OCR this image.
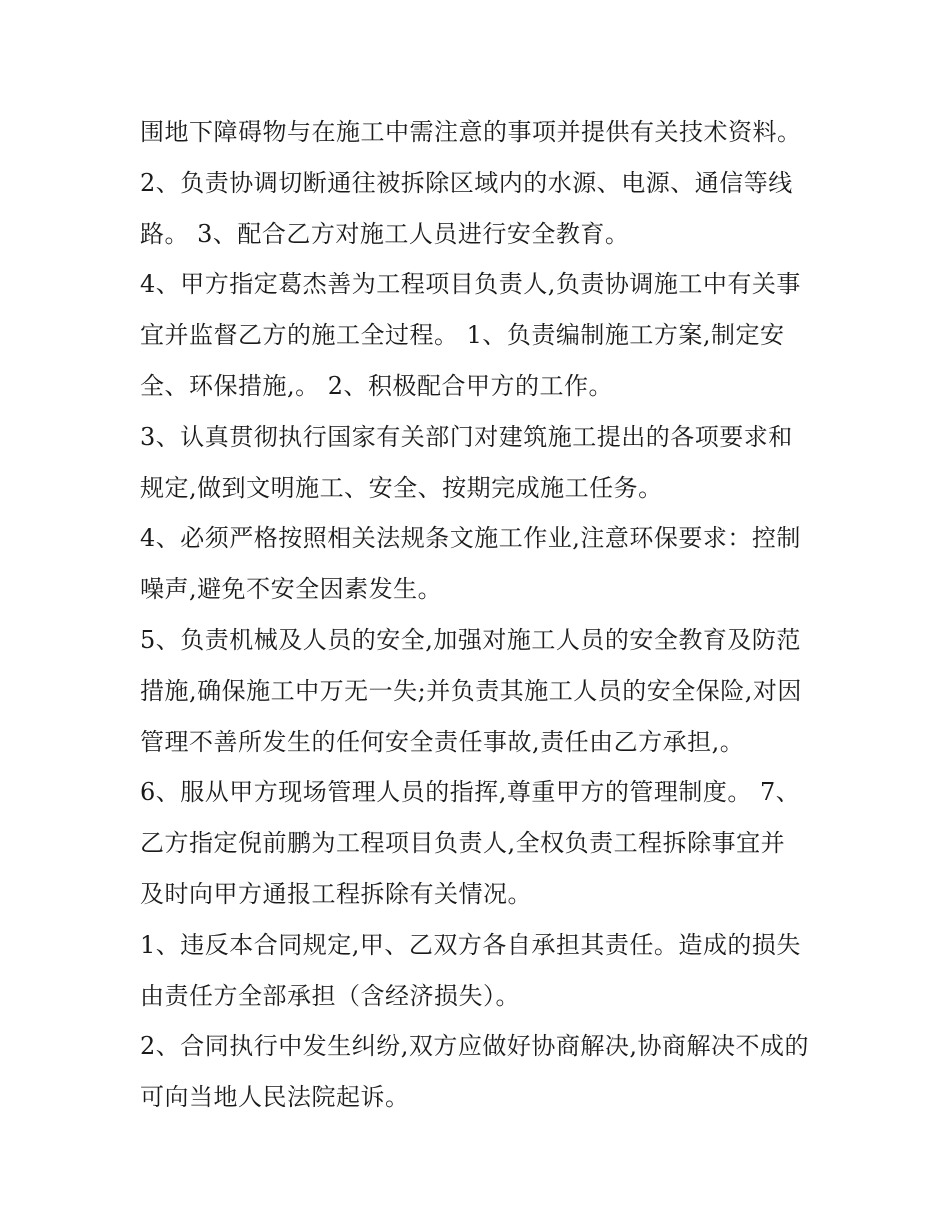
围地下障碍物与在施工中需注意的事项并提供有关技术资料。
2、负责协调切断通往被拆除区域内的水源、电源、通信等线
路。 3、配合乙方对施工人员进行安全教育。
4、甲方指定葛杰善为工程项目负责人,负责协调施工中有关事
宜并监督乙方的施工全过程。 1、负责编制施工方案,制定安
全、环保措施,。 2、积极配合甲方的工作。
3、认真贯彻执行国家有关部门对建筑施工提出的各项要求和
规定,做到文明施工、安全、按期完成施工任务。
4、必须严格按照相关法规条文施工作业,注意环保要求：控制
噪声,避免不安全因素发生。
5、负责机械及人员的安全,加强对施工人员的安全教育及防范
措施,确保施工中万无一失;并负责其施工人员的安全保险,对因
管理不善所发生的任何安全责任事故,责任由乙方承担,。
6、服从甲方现场管理人员的指挥,尊重甲方的管理制度。 7、
乙方指定倪前鹏为工程项目负责人,全权负责工程拆除事宜并
及时向甲方通报工程拆除有关情况。
1、违反本合同规定,甲、乙双方各自承担其责任。造成的损失
由责任方全部承担（含经济损失）。
2、合同执行中发生纠纷,双方应做好协商解决,协商解决不成的
可向当地人民法院起诉。
